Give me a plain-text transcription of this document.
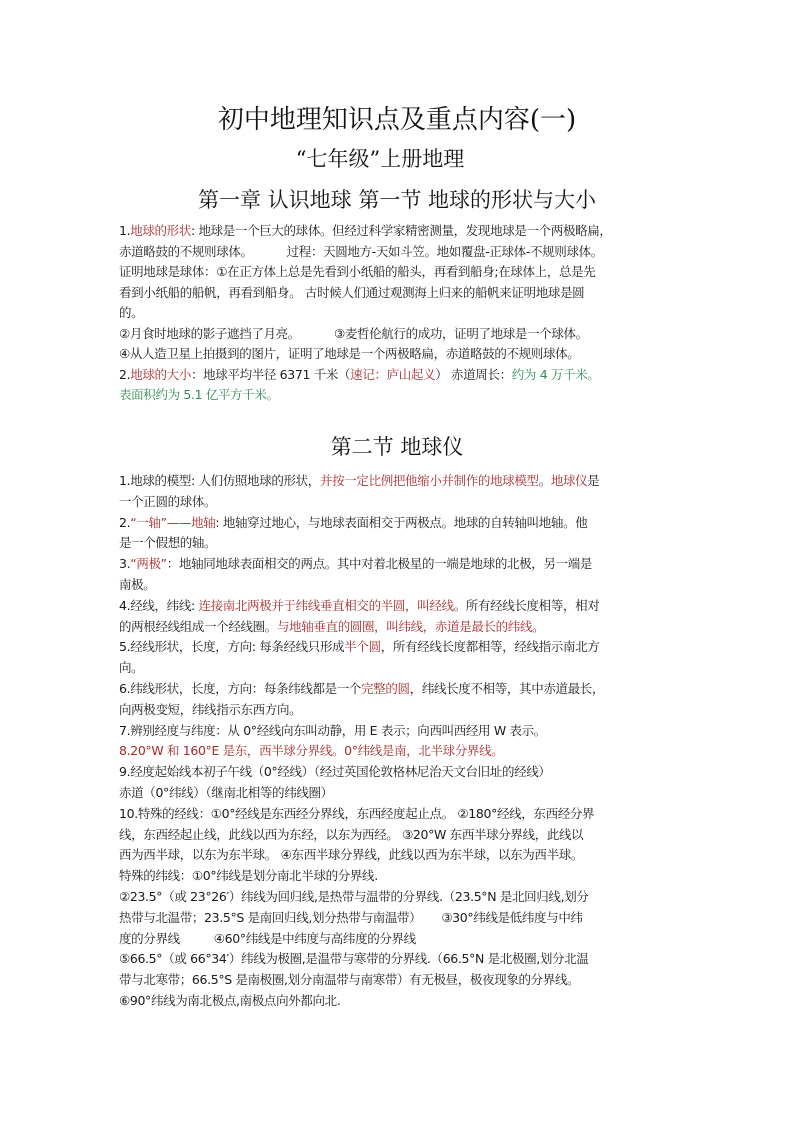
初中地理知识点及重点内容(一)
“七年级”上册地理
第一章 认识地球 第一节 地球的形状与大小
1.地球的形状: 地球是一个巨大的球体。但经过科学家精密测量，发现地球是一个两极略扁，
赤道略鼓的不规则球体。	过程：天圆地方-天如斗笠。地如覆盘-正球体-不规则球体。
证明地球是球体：①在正方体上总是先看到小纸船的船头，再看到船身;在球体上，总是先
看到小纸船的船帆，再看到船身。 古时候人们通过观测海上归来的船帆来证明地球是圆
的。
②月食时地球的影子遮挡了月亮。	③麦哲伦航行的成功，证明了地球是一个球体。
④从人造卫星上拍摄到的图片，证明了地球是一个两极略扁，赤道略鼓的不规则球体。
2.地球的大小：地球平均半径 6371 千米（速记：庐山起义） 赤道周长：约为 4 万千米。
表面积约为 5.1 亿平方千米。
第二节 地球仪
1.地球的模型: 人们仿照地球的形状，并按一定比例把他缩小并制作的地球模型。地球仪是
一个正圆的球体。
2.“一轴”——地轴: 地轴穿过地心，与地球表面相交于两极点。地球的自转轴叫地轴。他
是一个假想的轴。
3.“两极”：地轴同地球表面相交的两点。其中对着北极星的一端是地球的北极，另一端是
南极。
4.经线，纬线: 连接南北两极并于纬线垂直相交的半圆，叫经线。所有经线长度相等，相对
的两根经线组成一个经线圈。与地轴垂直的圆圈，叫纬线，赤道是最长的纬线。
5.经线形状，长度，方向: 每条经线只形成半个圆，所有经线长度都相等，经线指示南北方
向。
6.纬线形状，长度，方向：每条纬线都是一个完整的圆，纬线长度不相等，其中赤道最长，
向两极变短，纬线指示东西方向。
7.辨别经度与纬度：从 0°经线向东叫动静，用 E 表示；向西叫西经用 W 表示。
8.20°W 和 160°E 是东，西半球分界线。0°纬线是南，北半球分界线。
9.经度起始线本初子午线（0°经线）（经过英国伦敦格林尼治天文台旧址的经线）
赤道（0°纬线）（继南北相等的纬线圈）
10.特殊的经线：①0°经线是东西经分界线，东西经度起止点。 ②180°经线，东西经分界
线，东西经起止线，此线以西为东经，以东为西经。 ③20°W 东西半球分界线，此线以
西为西半球，以东为东半球。 ④东西半球分界线，此线以西为东半球，以东为西半球。
特殊的纬线：①0°纬线是划分南北半球的分界线.
②23.5°（或 23°26′）纬线为回归线,是热带与温带的分界线.（23.5°N 是北回归线,划分
热带与北温带；23.5°S 是南回归线,划分热带与南温带） ③30°纬线是低纬度与中纬
度的分界线	④60°纬线是中纬度与高纬度的分界线
⑤66.5°（或 66°34′）纬线为极圈,是温带与寒带的分界线.（66.5°N 是北极圈,划分北温
带与北寒带；66.5°S 是南极圈,划分南温带与南寒带）有无极昼，极夜现象的分界线。
⑥90°纬线为南北极点,南极点向外都向北.
